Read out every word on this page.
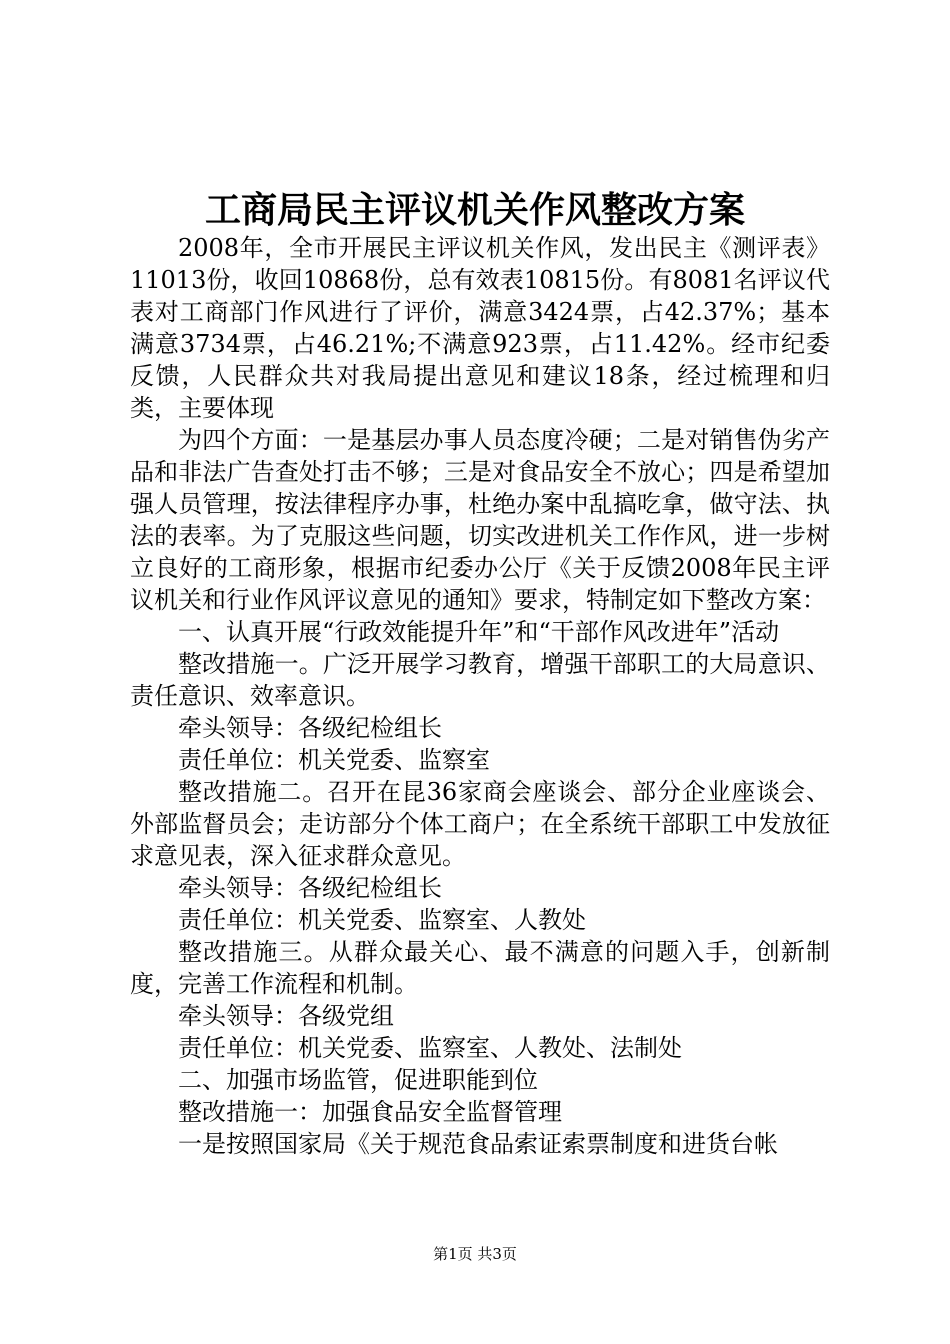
工商局民主评议机关作风整改方案

2008年，全市开展民主评议机关作风，发出民主《测评表》11013份，收回10868份，总有效表10815份。有8081名评议代表对工商部门作风进行了评价，满意3424票，占42.37%；基本满意3734票，占46.21%;不满意923票，占11.42%。经市纪委反馈，人民群众共对我局提出意见和建议18条，经过梳理和归类，主要体现

为四个方面：一是基层办事人员态度冷硬；二是对销售伪劣产品和非法广告查处打击不够；三是对食品安全不放心；四是希望加强人员管理，按法律程序办事，杜绝办案中乱搞吃拿，做守法、执法的表率。为了克服这些问题，切实改进机关工作作风，进一步树立良好的工商形象，根据市纪委办公厅《关于反馈2008年民主评议机关和行业作风评议意见的通知》要求，特制定如下整改方案：

一、认真开展“行政效能提升年”和“干部作风改进年”活动

整改措施一。广泛开展学习教育，增强干部职工的大局意识、责任意识、效率意识。

牵头领导：各级纪检组长

责任单位：机关党委、监察室

整改措施二。召开在昆36家商会座谈会、部分企业座谈会、外部监督员会；走访部分个体工商户；在全系统干部职工中发放征求意见表，深入征求群众意见。

牵头领导：各级纪检组长

责任单位：机关党委、监察室、人教处

整改措施三。从群众最关心、最不满意的问题入手，创新制度，完善工作流程和机制。

牵头领导：各级党组

责任单位：机关党委、监察室、人教处、法制处

二、加强市场监管，促进职能到位

整改措施一：加强食品安全监督管理

一是按照国家局《关于规范食品索证索票制度和进货台帐

第1页 共3页
